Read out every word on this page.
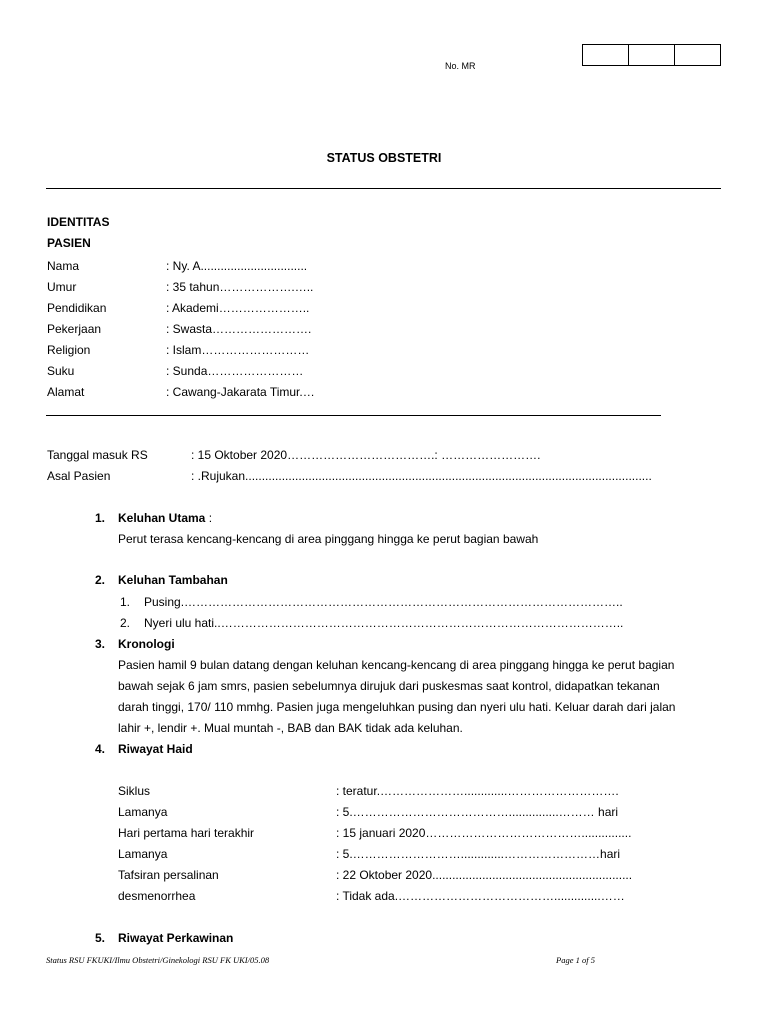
No. MR
STATUS OBSTETRI
IDENTITAS
PASIEN
Nama	: Ny. A................................
Umur	: 35 tahun……………….…..
Pendidikan	: Akademi…………………..
Pekerjaan	: Swasta…………………….
Religion	: Islam………………………
Suku	: Sunda……………………
Alamat	: Cawang-Jakarata Timur.…
Tanggal masuk RS	: 15 Oktober 2020……………………………….: …………………….
Asal Pasien	: .Rujukan..........................................................................................................................
1. Keluhan Utama :
Perut terasa kencang-kencang di area pinggang hingga ke perut bagian bawah
2. Keluhan Tambahan
1. Pusing.………………………………………………………………………………………………..
2. Nyeri ulu hati..………………………………………………………………………………………..
3. Kronologi
Pasien hamil 9 bulan datang dengan keluhan kencang-kencang di area pinggang hingga ke perut bagian
bawah sejak 6 jam smrs, pasien sebelumnya dirujuk dari puskesmas saat kontrol, didapatkan tekanan
darah tinggi, 170/ 110 mmhg. Pasien juga mengeluhkan pusing dan nyeri ulu hati. Keluar darah dari jalan
lahir +, lendir +. Mual muntah -, BAB dan BAK tidak ada keluhan.
4. Riwayat Haid
Siklus	: teratur.………………….............……………………….
Lamanya	: 5.…………………………………...............……… hari
Hari pertama hari terakhir	: 15 januari 2020…………………………………...............
Lamanya	: 5.……………………….............……………………hari
Tafsiran persalinan	: 22 Oktober 2020............................................................
desmenorrhea	: Tidak ada.…………………………………..............……
5. Riwayat Perkawinan
Status RSU FKUKI/Ilmu Obstetri/Ginekologi RSU FK UKI/05.08	Page 1 of 5
